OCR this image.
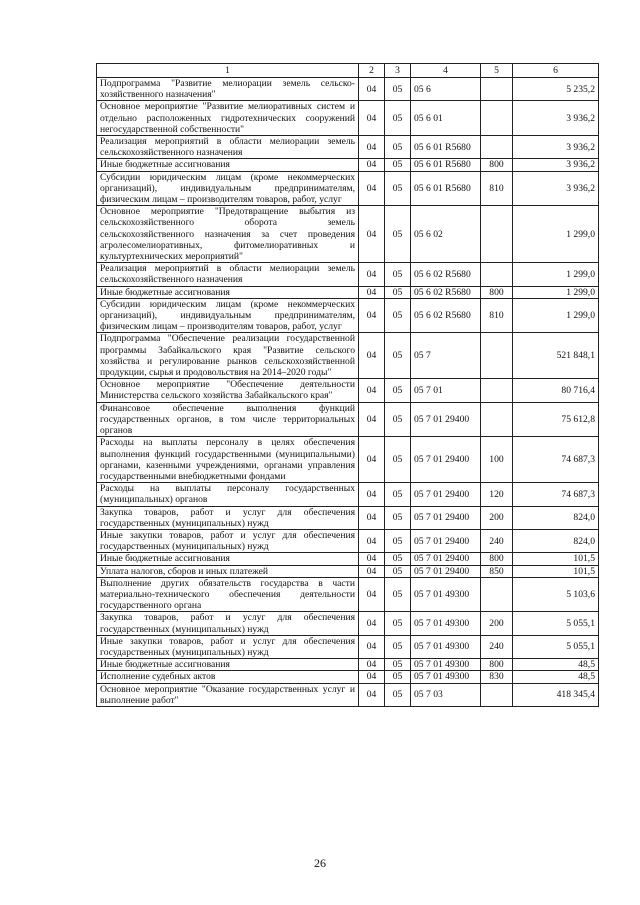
1	2	3	4	5	6
Подпрограмма "Развитие мелиорации земель сельско-хозяйственного назначения"	04	05	05 6		5 235,2
Основное мероприятие "Развитие мелиоративных систем и отдельно расположенных гидротехнических сооружений негосударственной собственности"	04	05	05 6 01		3 936,2
Реализация мероприятий в области мелиорации земель сельскохозяйственного назначения	04	05	05 6 01 R5680		3 936,2
Иные бюджетные ассигнования	04	05	05 6 01 R5680	800	3 936,2
Субсидии юридическим лицам (кроме некоммерческих организаций), индивидуальным предпринимателям, физическим лицам – производителям товаров, работ, услуг	04	05	05 6 01 R5680	810	3 936,2
Основное мероприятие "Предотвращение выбытия из сельскохозяйственного оборота земель сельскохозяйственного назначения за счет проведения агролесомелиоративных, фитомелиоративных и культуртехнических мероприятий"	04	05	05 6 02		1 299,0
Реализация мероприятий в области мелиорации земель сельскохозяйственного назначения	04	05	05 6 02 R5680		1 299,0
Иные бюджетные ассигнования	04	05	05 6 02 R5680	800	1 299,0
Субсидии юридическим лицам (кроме некоммерческих организаций), индивидуальным предпринимателям, физическим лицам – производителям товаров, работ, услуг	04	05	05 6 02 R5680	810	1 299,0
Подпрограмма "Обеспечение реализации государственной программы Забайкальского края "Развитие сельского хозяйства и регулирование рынков сельскохозяйственной продукции, сырья и продовольствия на 2014–2020 годы"	04	05	05 7		521 848,1
Основное мероприятие "Обеспечение деятельности Министерства сельского хозяйства Забайкальского края"	04	05	05 7 01		80 716,4
Финансовое обеспечение выполнения функций государственных органов, в том числе территориальных органов	04	05	05 7 01 29400		75 612,8
Расходы на выплаты персоналу в целях обеспечения выполнения функций государственными (муниципальными) органами, казенными учреждениями, органами управления государственными внебюджетными фондами	04	05	05 7 01 29400	100	74 687,3
Расходы на выплаты персоналу государственных (муниципальных) органов	04	05	05 7 01 29400	120	74 687,3
Закупка товаров, работ и услуг для обеспечения государственных (муниципальных) нужд	04	05	05 7 01 29400	200	824,0
Иные закупки товаров, работ и услуг для обеспечения государственных (муниципальных) нужд	04	05	05 7 01 29400	240	824,0
Иные бюджетные ассигнования	04	05	05 7 01 29400	800	101,5
Уплата налогов, сборов и иных платежей	04	05	05 7 01 29400	850	101,5
Выполнение других обязательств государства в части материально-технического обеспечения деятельности государственного органа	04	05	05 7 01 49300		5 103,6
Закупка товаров, работ и услуг для обеспечения государственных (муниципальных) нужд	04	05	05 7 01 49300	200	5 055,1
Иные закупки товаров, работ и услуг для обеспечения государственных (муниципальных) нужд	04	05	05 7 01 49300	240	5 055,1
Иные бюджетные ассигнования	04	05	05 7 01 49300	800	48,5
Исполнение судебных актов	04	05	05 7 01 49300	830	48,5
Основное мероприятие "Оказание государственных услуг и выполнение работ"	04	05	05 7 03		418 345,4
26
